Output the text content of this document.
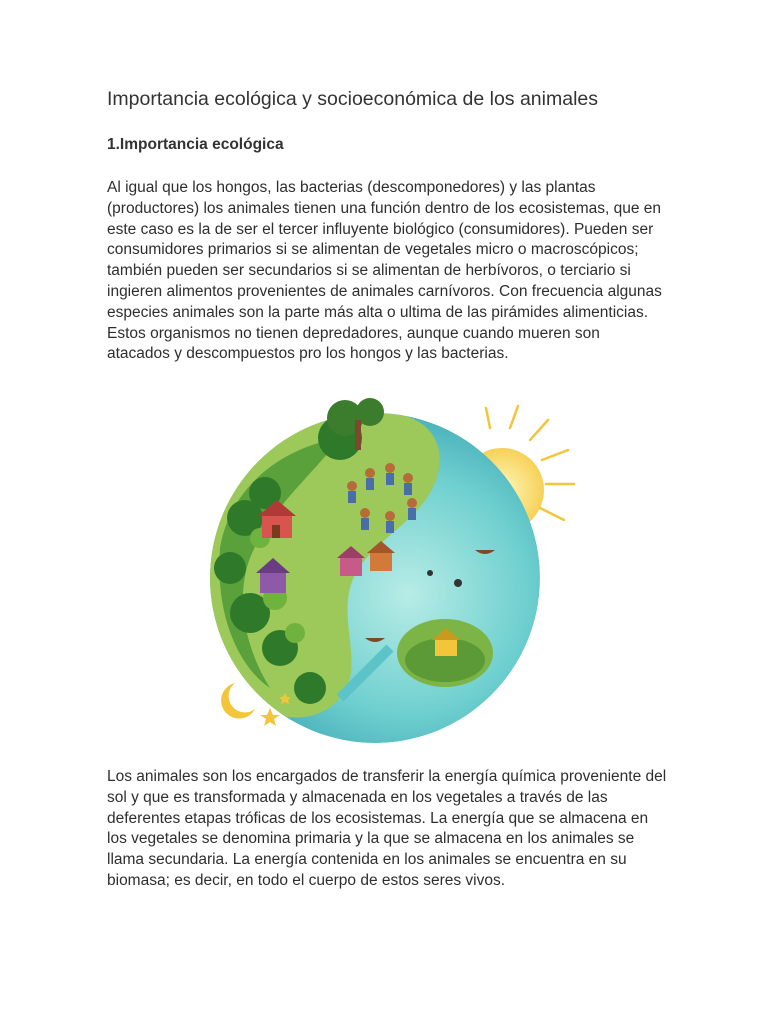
Importancia ecológica y socioeconómica de los animales
1.Importancia ecológica

Al igual que los hongos, las bacterias (descomponedores) y las plantas (productores) los animales tienen una función dentro de los ecosistemas, que en este caso es la de ser el tercer influyente biológico (consumidores). Pueden ser consumidores primarios si se alimentan de vegetales micro o macroscópicos; también pueden ser secundarios si se alimentan de herbívoros, o terciario si ingieren alimentos provenientes de animales carnívoros. Con frecuencia algunas especies animales son la parte más alta o ultima de las pirámides alimenticias. Estos organismos no tienen depredadores, aunque cuando mueren son atacados y descompuestos pro los hongos y las bacterias.

Los animales son los encargados de transferir la energía química proveniente del sol y que es transformada y almacenada en los vegetales a través de las deferentes etapas tróficas de los ecosistemas. La energía que se almacena en los vegetales se denomina primaria y la que se almacena en los animales se llama secundaria. La energía contenida en los animales se encuentra en su biomasa; es decir, en todo el cuerpo de estos seres vivos.
